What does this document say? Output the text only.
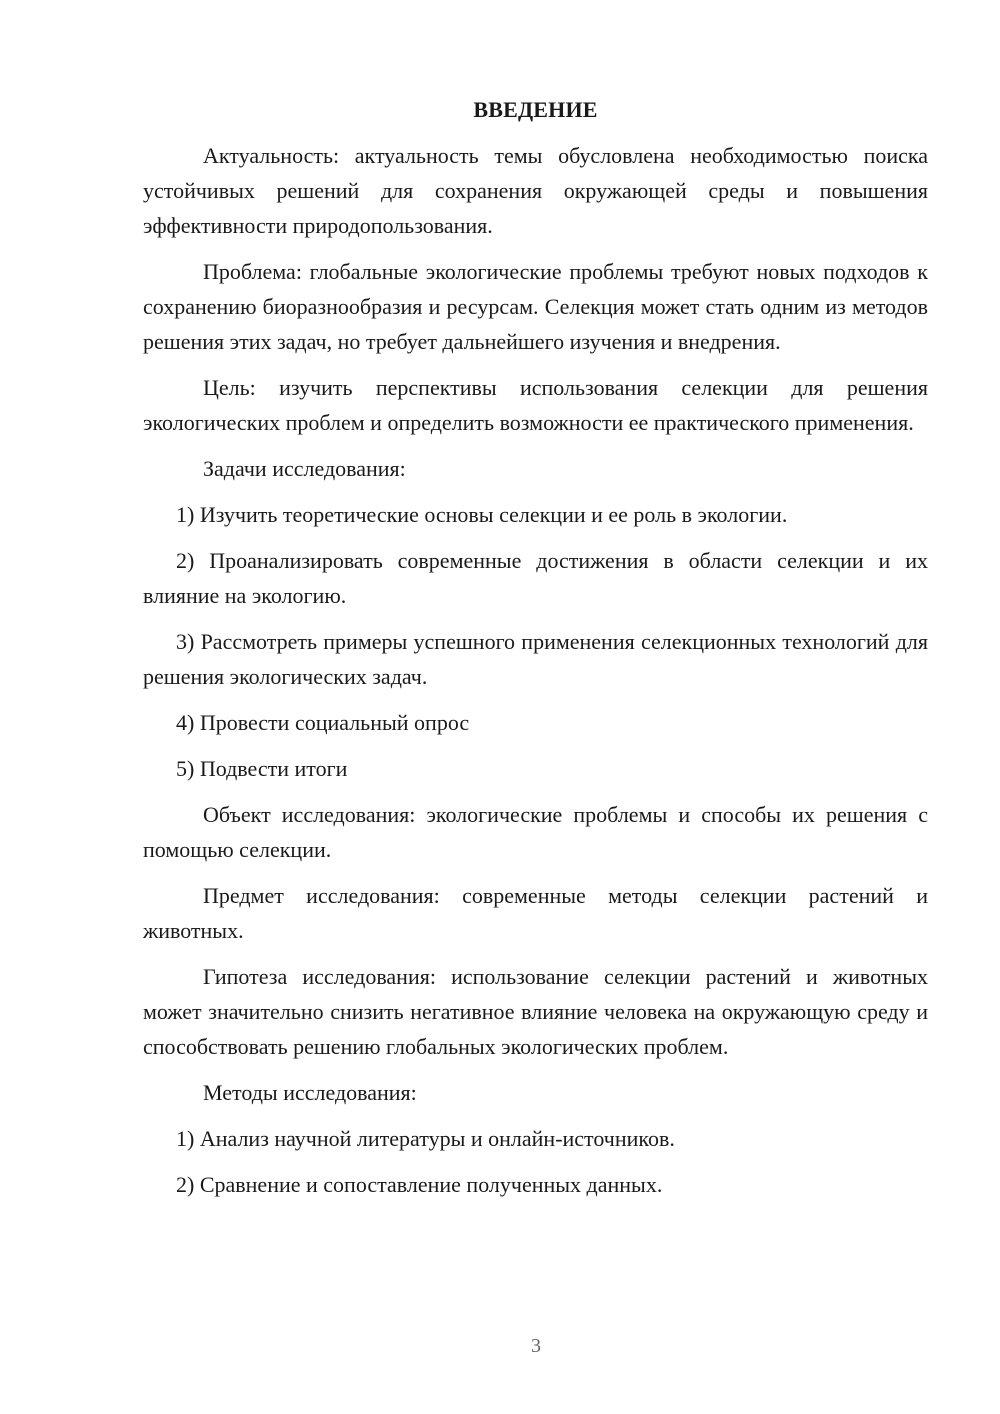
ВВЕДЕНИЕ

Актуальность: актуальность темы обусловлена необходимостью поиска устойчивых решений для сохранения окружающей среды и повышения эффективности природопользования.

Проблема: глобальные экологические проблемы требуют новых подходов к сохранению биоразнообразия и ресурсам. Селекция может стать одним из методов решения этих задач, но требует дальнейшего изучения и внедрения.

Цель: изучить перспективы использования селекции для решения экологических проблем и определить возможности ее практического применения.

Задачи исследования:

1) Изучить теоретические основы селекции и ее роль в экологии.

2) Проанализировать современные достижения в области селекции и их влияние на экологию.

3) Рассмотреть примеры успешного применения селекционных технологий для решения экологических задач.

4) Провести социальный опрос

5) Подвести итоги

Объект исследования: экологические проблемы и способы их решения с помощью селекции.

Предмет исследования: современные методы селекции растений и животных.

Гипотеза исследования: использование селекции растений и животных может значительно снизить негативное влияние человека на окружающую среду и способствовать решению глобальных экологических проблем.

Методы исследования:

1) Анализ научной литературы и онлайн-источников.

2) Сравнение и сопоставление полученных данных.

3
